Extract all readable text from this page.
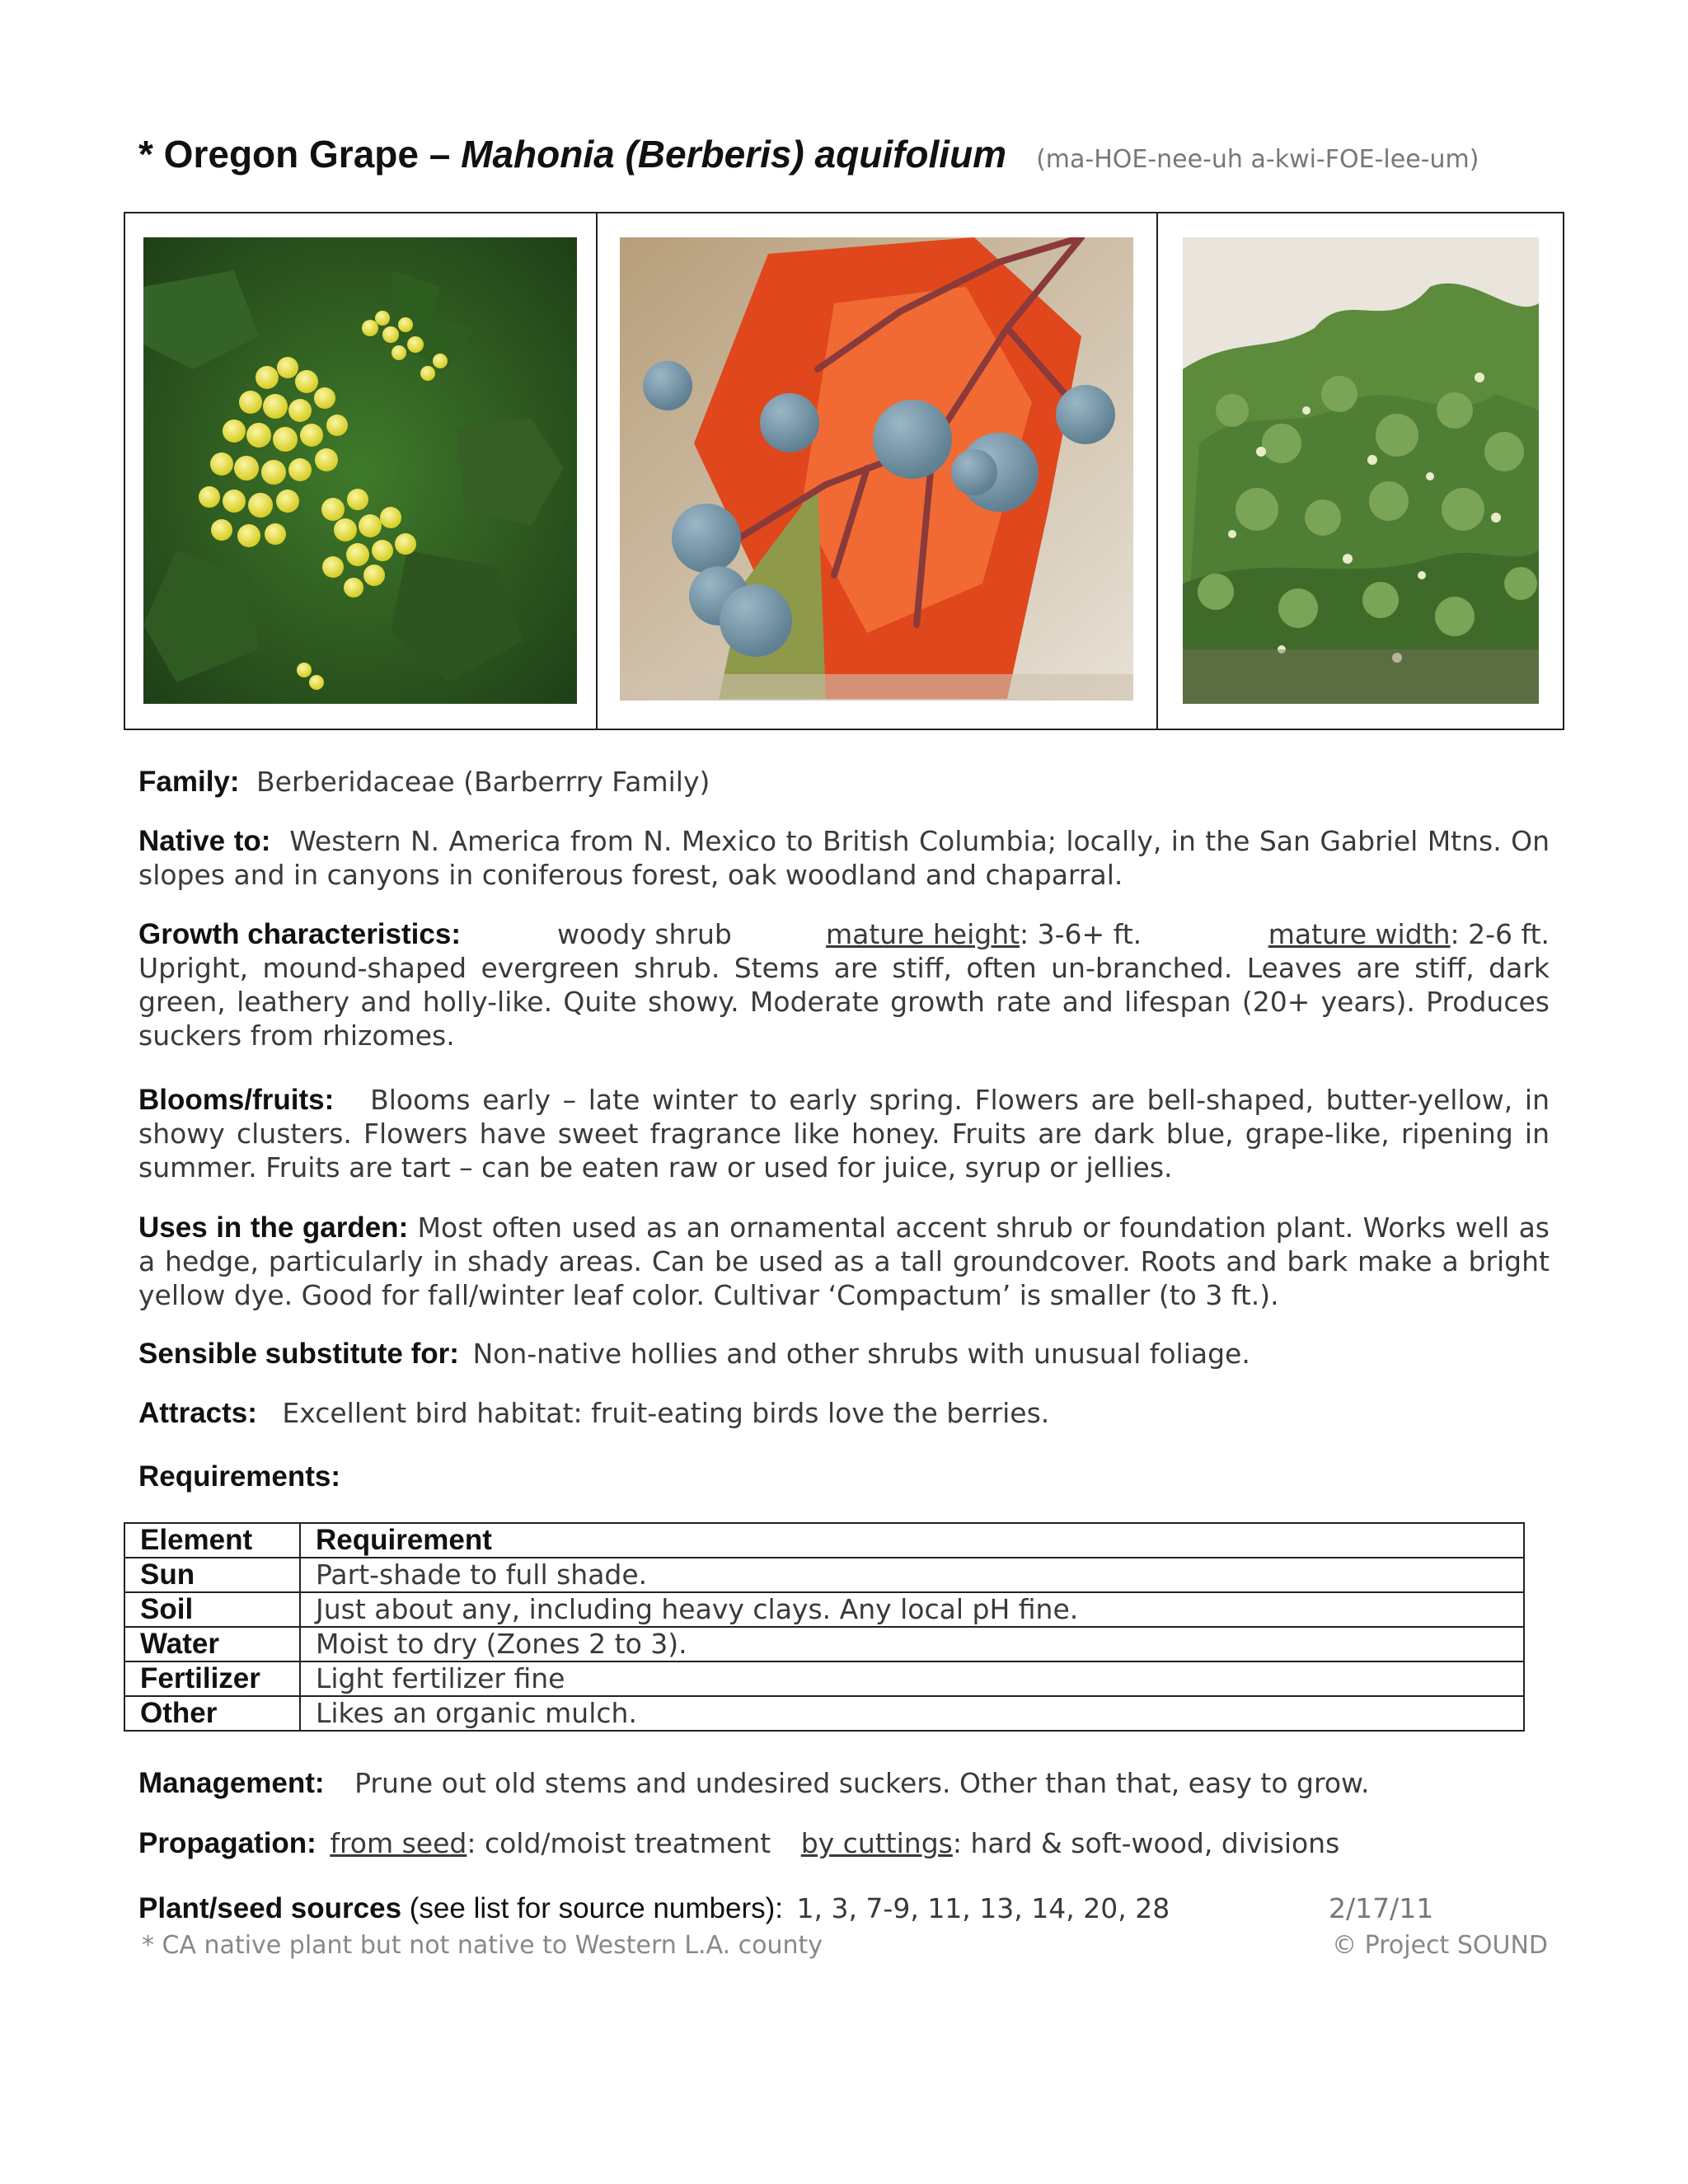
* Oregon Grape – Mahonia (Berberis) aquifolium (ma-HOE-nee-uh a-kwi-FOE-lee-um)
Family: Berberidaceae (Barberrry Family)
Native to: Western N. America from N. Mexico to British Columbia; locally, in the San Gabriel Mtns. On slopes and in canyons in coniferous forest, oak woodland and chaparral.
Growth characteristics:	woody shrub	mature height: 3-6+ ft.	mature width: 2-6 ft.
Upright, mound-shaped evergreen shrub. Stems are stiff, often un-branched. Leaves are stiff, dark green, leathery and holly-like. Quite showy. Moderate growth rate and lifespan (20+ years). Produces suckers from rhizomes.
Blooms/fruits: Blooms early – late winter to early spring. Flowers are bell-shaped, butter-yellow, in showy clusters. Flowers have sweet fragrance like honey. Fruits are dark blue, grape-like, ripening in summer. Fruits are tart – can be eaten raw or used for juice, syrup or jellies.
Uses in the garden: Most often used as an ornamental accent shrub or foundation plant. Works well as a hedge, particularly in shady areas. Can be used as a tall groundcover. Roots and bark make a bright yellow dye. Good for fall/winter leaf color. Cultivar ‘Compactum’ is smaller (to 3 ft.).
Sensible substitute for: Non-native hollies and other shrubs with unusual foliage.
Attracts: Excellent bird habitat: fruit-eating birds love the berries.
Requirements:
Element	Requirement
Sun	Part-shade to full shade.
Soil	Just about any, including heavy clays. Any local pH fine.
Water	Moist to dry (Zones 2 to 3).
Fertilizer	Light fertilizer fine
Other	Likes an organic mulch.
Management: Prune out old stems and undesired suckers. Other than that, easy to grow.
Propagation: from seed: cold/moist treatment by cuttings: hard & soft-wood, divisions
Plant/seed sources (see list for source numbers): 1, 3, 7-9, 11, 13, 14, 20, 28	2/17/11
* CA native plant but not native to Western L.A. county	© Project SOUND
